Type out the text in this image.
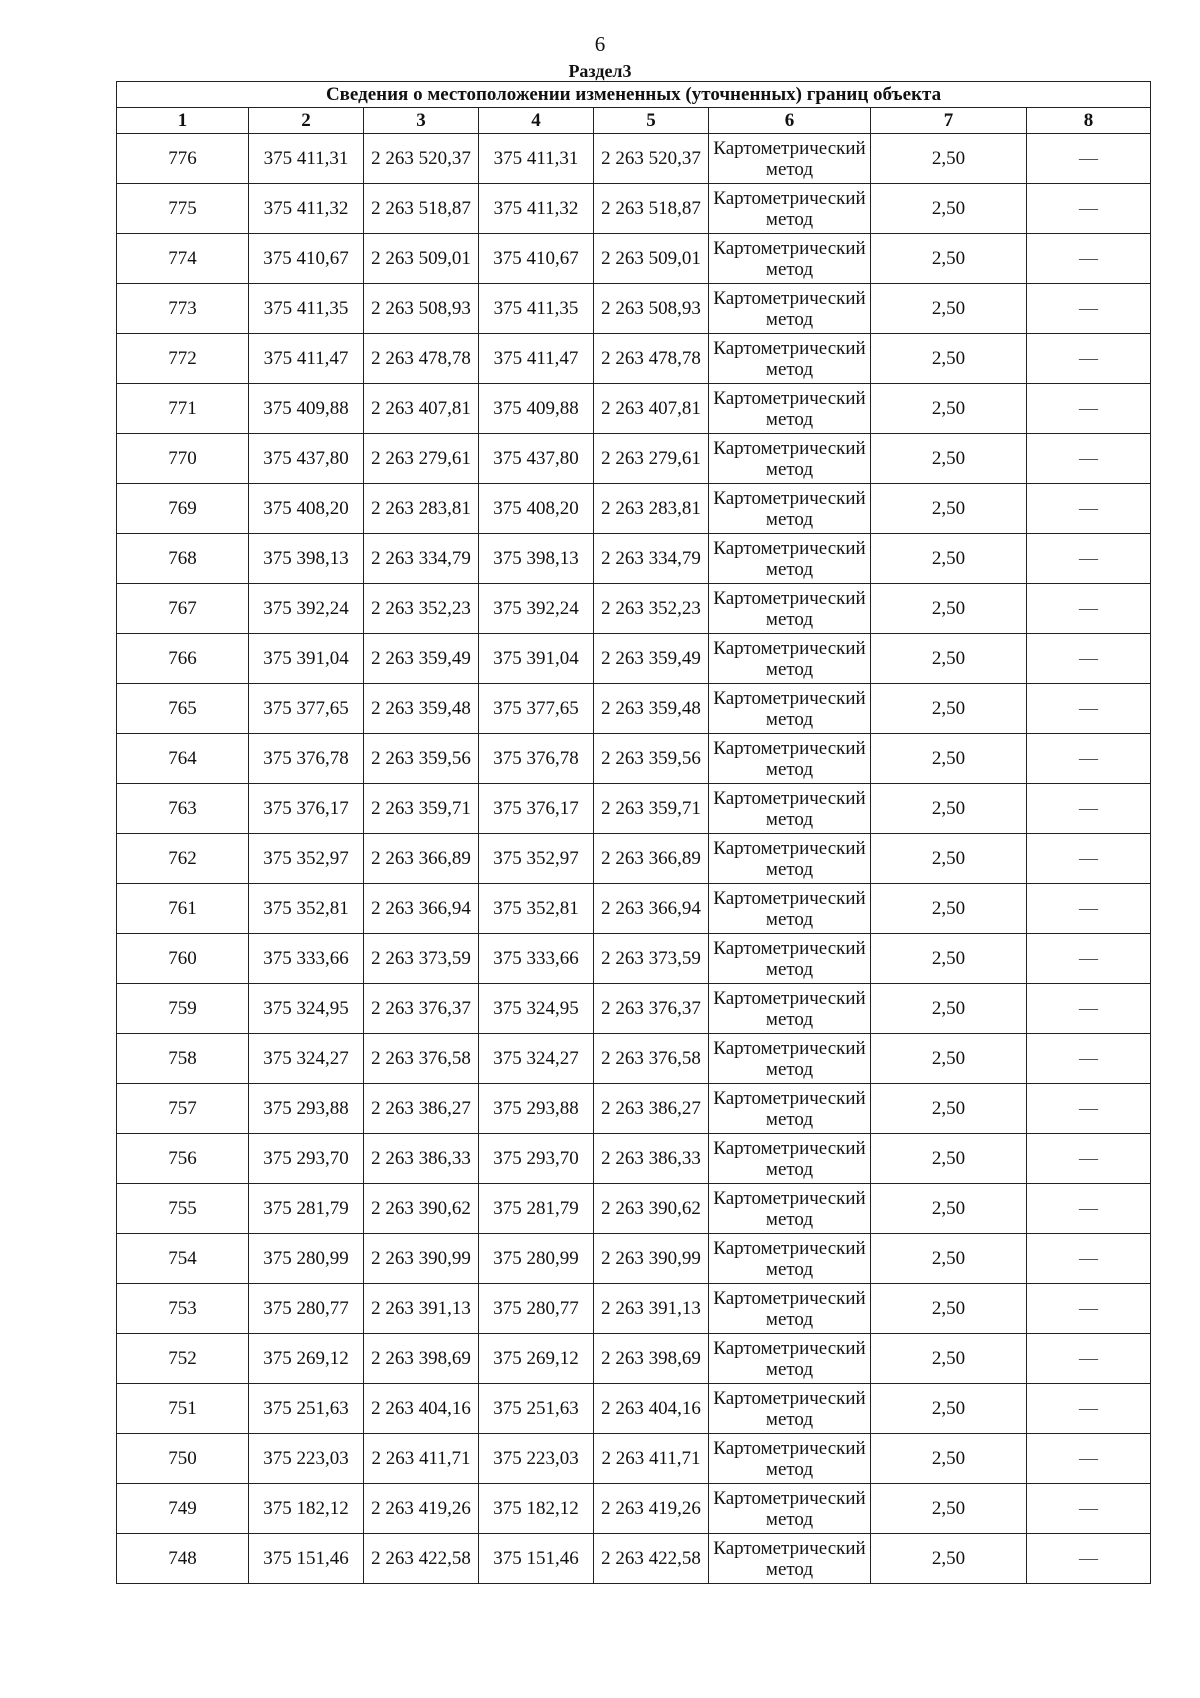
6
Раздел3
Сведения о местоположении измененных (уточненных) границ объекта							
1	2	3	4	5	6	7	8
776	375 411,31	2 263 520,37	375 411,31	2 263 520,37	Картометрический метод	2,50	—
775	375 411,32	2 263 518,87	375 411,32	2 263 518,87	Картометрический метод	2,50	—
774	375 410,67	2 263 509,01	375 410,67	2 263 509,01	Картометрический метод	2,50	—
773	375 411,35	2 263 508,93	375 411,35	2 263 508,93	Картометрический метод	2,50	—
772	375 411,47	2 263 478,78	375 411,47	2 263 478,78	Картометрический метод	2,50	—
771	375 409,88	2 263 407,81	375 409,88	2 263 407,81	Картометрический метод	2,50	—
770	375 437,80	2 263 279,61	375 437,80	2 263 279,61	Картометрический метод	2,50	—
769	375 408,20	2 263 283,81	375 408,20	2 263 283,81	Картометрический метод	2,50	—
768	375 398,13	2 263 334,79	375 398,13	2 263 334,79	Картометрический метод	2,50	—
767	375 392,24	2 263 352,23	375 392,24	2 263 352,23	Картометрический метод	2,50	—
766	375 391,04	2 263 359,49	375 391,04	2 263 359,49	Картометрический метод	2,50	—
765	375 377,65	2 263 359,48	375 377,65	2 263 359,48	Картометрический метод	2,50	—
764	375 376,78	2 263 359,56	375 376,78	2 263 359,56	Картометрический метод	2,50	—
763	375 376,17	2 263 359,71	375 376,17	2 263 359,71	Картометрический метод	2,50	—
762	375 352,97	2 263 366,89	375 352,97	2 263 366,89	Картометрический метод	2,50	—
761	375 352,81	2 263 366,94	375 352,81	2 263 366,94	Картометрический метод	2,50	—
760	375 333,66	2 263 373,59	375 333,66	2 263 373,59	Картометрический метод	2,50	—
759	375 324,95	2 263 376,37	375 324,95	2 263 376,37	Картометрический метод	2,50	—
758	375 324,27	2 263 376,58	375 324,27	2 263 376,58	Картометрический метод	2,50	—
757	375 293,88	2 263 386,27	375 293,88	2 263 386,27	Картометрический метод	2,50	—
756	375 293,70	2 263 386,33	375 293,70	2 263 386,33	Картометрический метод	2,50	—
755	375 281,79	2 263 390,62	375 281,79	2 263 390,62	Картометрический метод	2,50	—
754	375 280,99	2 263 390,99	375 280,99	2 263 390,99	Картометрический метод	2,50	—
753	375 280,77	2 263 391,13	375 280,77	2 263 391,13	Картометрический метод	2,50	—
752	375 269,12	2 263 398,69	375 269,12	2 263 398,69	Картометрический метод	2,50	—
751	375 251,63	2 263 404,16	375 251,63	2 263 404,16	Картометрический метод	2,50	—
750	375 223,03	2 263 411,71	375 223,03	2 263 411,71	Картометрический метод	2,50	—
749	375 182,12	2 263 419,26	375 182,12	2 263 419,26	Картометрический метод	2,50	—
748	375 151,46	2 263 422,58	375 151,46	2 263 422,58	Картометрический метод	2,50	—
